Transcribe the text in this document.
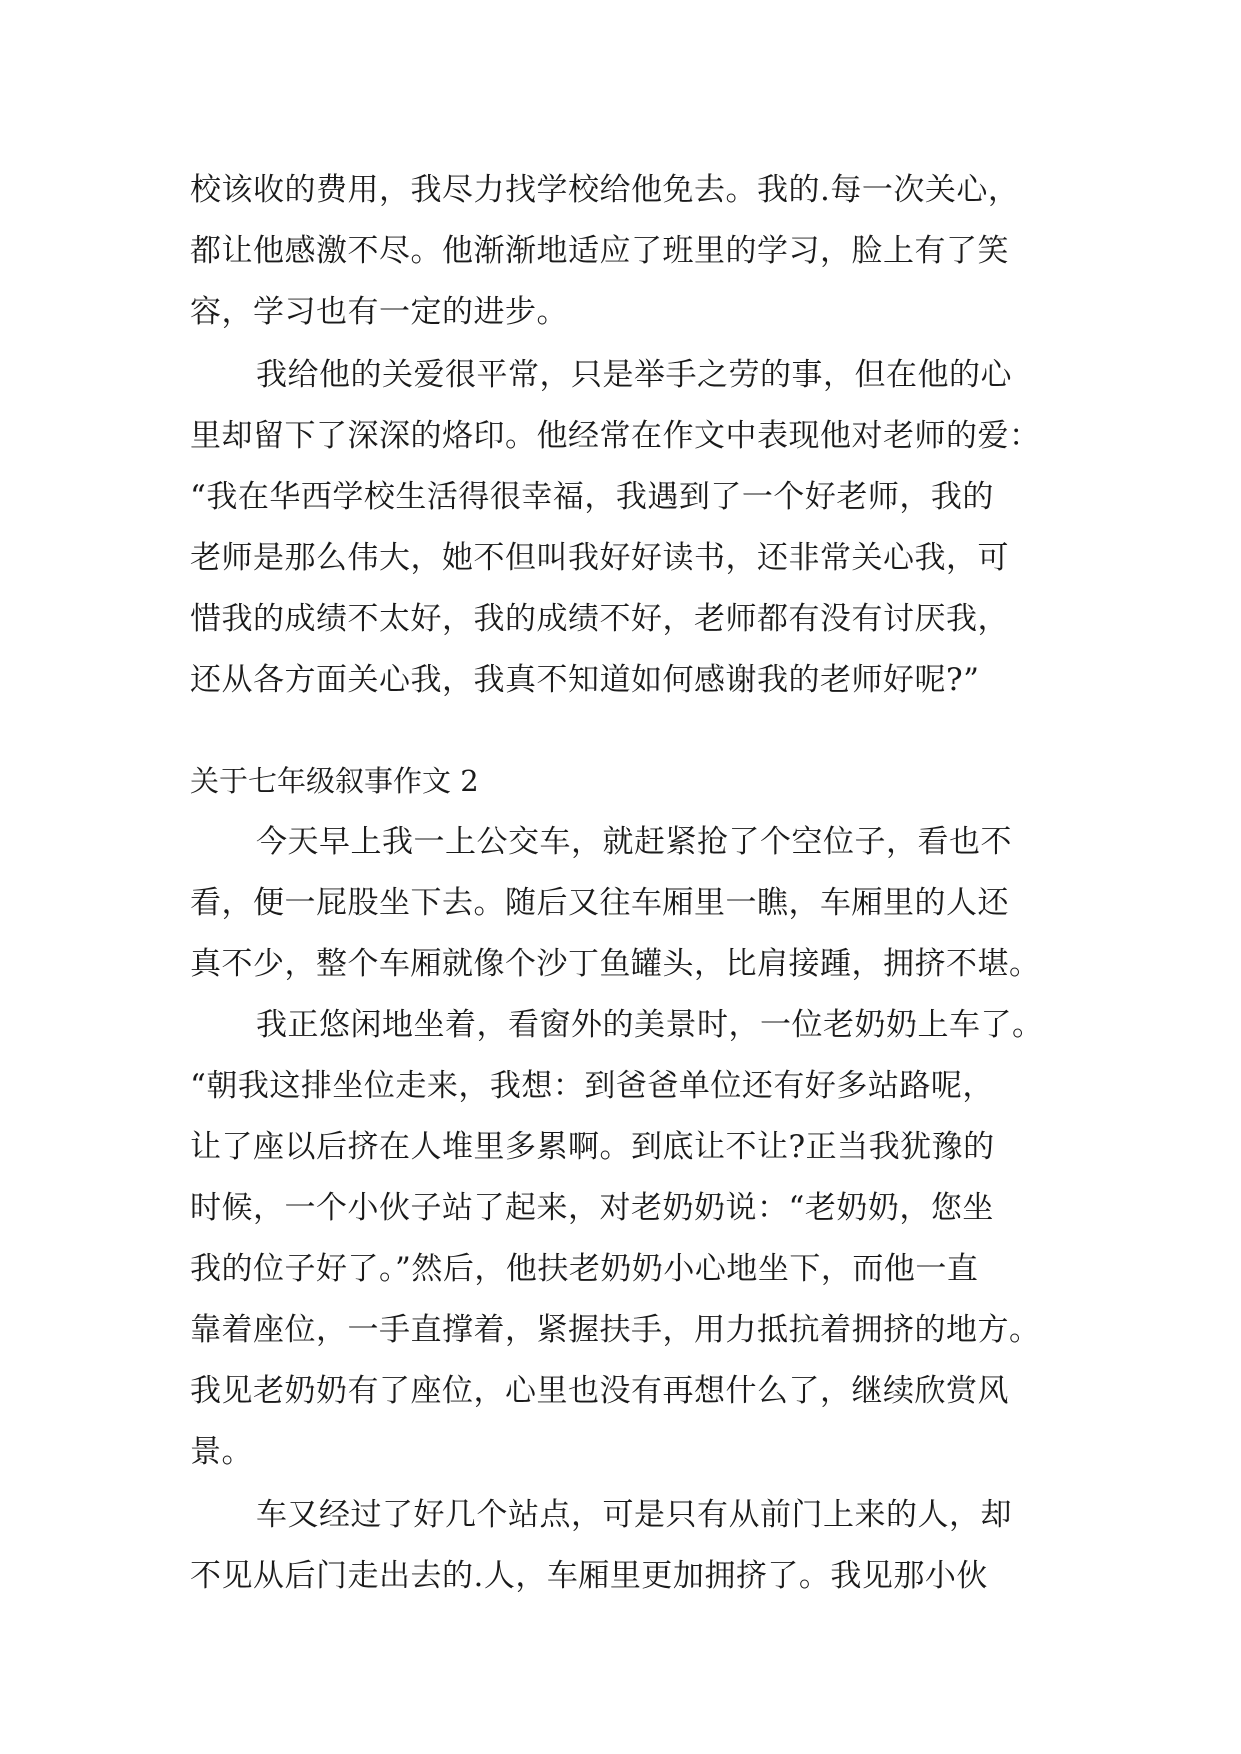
校该收的费用，我尽力找学校给他免去。我的.每一次关心，
都让他感激不尽。他渐渐地适应了班里的学习，脸上有了笑
容，学习也有一定的进步。
我给他的关爱很平常，只是举手之劳的事，但在他的心
里却留下了深深的烙印。他经常在作文中表现他对老师的爱：
“我在华西学校生活得很幸福，我遇到了一个好老师，我的
老师是那么伟大，她不但叫我好好读书，还非常关心我，可
惜我的成绩不太好，我的成绩不好，老师都有没有讨厌我，
还从各方面关心我，我真不知道如何感谢我的老师好呢?”
关于七年级叙事作文 2
今天早上我一上公交车，就赶紧抢了个空位子，看也不
看，便一屁股坐下去。随后又往车厢里一瞧，车厢里的人还
真不少，整个车厢就像个沙丁鱼罐头，比肩接踵，拥挤不堪。
我正悠闲地坐着，看窗外的美景时，一位老奶奶上车了。
“朝我这排坐位走来，我想：到爸爸单位还有好多站路呢，
让了座以后挤在人堆里多累啊。到底让不让?正当我犹豫的
时候，一个小伙子站了起来，对老奶奶说：“老奶奶，您坐
我的位子好了。”然后，他扶老奶奶小心地坐下，而他一直
靠着座位，一手直撑着，紧握扶手，用力抵抗着拥挤的地方。
我见老奶奶有了座位，心里也没有再想什么了，继续欣赏风
景。
车又经过了好几个站点，可是只有从前门上来的人，却
不见从后门走出去的.人，车厢里更加拥挤了。我见那小伙
